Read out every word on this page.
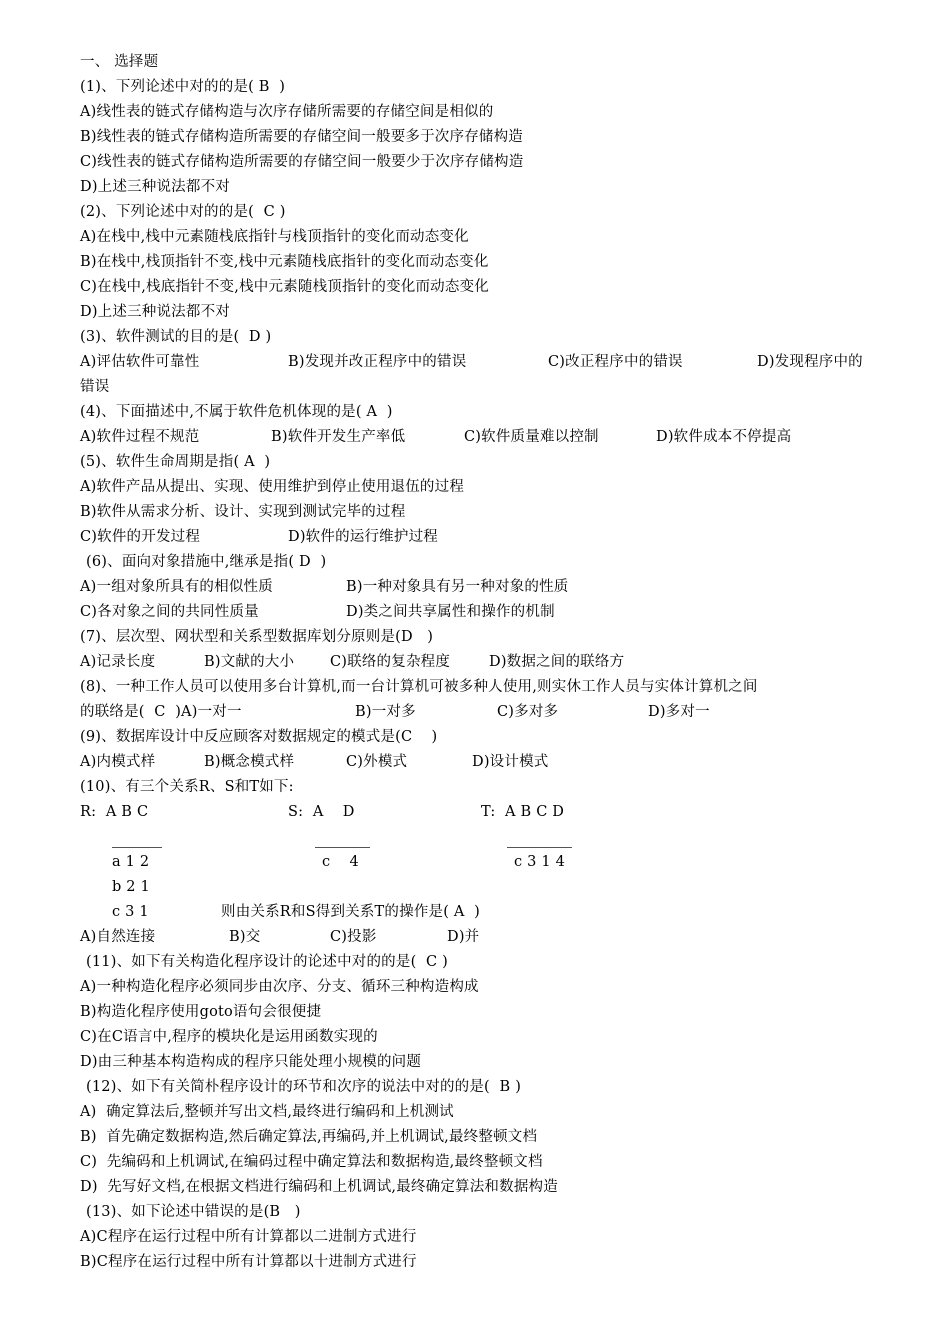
一、 选择题
(1)、下列论述中对的的是( B  )
A)线性表的链式存储构造与次序存储所需要的存储空间是相似的
B)线性表的链式存储构造所需要的存储空间一般要多于次序存储构造
C)线性表的链式存储构造所需要的存储空间一般要少于次序存储构造
D)上述三种说法都不对
(2)、下列论述中对的的是(  C )
A)在栈中,栈中元素随栈底指针与栈顶指针的变化而动态变化
B)在栈中,栈顶指针不变,栈中元素随栈底指针的变化而动态变化
C)在栈中,栈底指针不变,栈中元素随栈顶指针的变化而动态变化
D)上述三种说法都不对
(3)、软件测试的目的是(  D )
A)评估软件可靠性	B)发现并改正程序中的错误	C)改正程序中的错误	D)发现程序中的
错误
(4)、下面描述中,不属于软件危机体现的是( A  )
A)软件过程不规范	B)软件开发生产率低	C)软件质量难以控制	D)软件成本不停提高
(5)、软件生命周期是指( A  )
A)软件产品从提出、实现、使用维护到停止使用退伍的过程
B)软件从需求分析、设计、实现到测试完毕的过程
C)软件的开发过程	D)软件的运行维护过程
(6)、面向对象措施中,继承是指( D  )
A)一组对象所具有的相似性质	B)一种对象具有另一种对象的性质
C)各对象之间的共同性质量	D)类之间共享属性和操作的机制
(7)、层次型、网状型和关系型数据库划分原则是(D   )
A)记录长度	B)文献的大小 C)联络的复杂程度	D)数据之间的联络方
(8)、一种工作人员可以使用多台计算机,而一台计算机可被多种人使用,则实休工作人员与实体计算机之间
的联络是(  C  )A)一对一	B)一对多	C)多对多	D)多对一
(9)、数据库设计中反应顾客对数据规定的模式是(C    )
A)内模式样	B)概念模式样	C)外模式	D)设计模式
(10)、有三个关系R、S和T如下:
R:  A B C	S:  A    D	T:  A B C D
a 1 2	c    4	c 3 1 4
b 2 1
c 3 1	则由关系R和S得到关系T的操作是( A  )
A)自然连接	B)交	C)投影	D)并
(11)、如下有关构造化程序设计的论述中对的的是(  C )
A)一种构造化程序必须同步由次序、分支、循环三种构造构成
B)构造化程序使用goto语句会很便捷
C)在C语言中,程序的模块化是运用函数实现的
D)由三种基本构造构成的程序只能处理小规模的问题
(12)、如下有关简朴程序设计的环节和次序的说法中对的的是(  B )
A)  确定算法后,整顿并写出文档,最终进行编码和上机测试
B)  首先确定数据构造,然后确定算法,再编码,并上机调试,最终整顿文档
C)  先编码和上机调试,在编码过程中确定算法和数据构造,最终整顿文档
D)  先写好文档,在根据文档进行编码和上机调试,最终确定算法和数据构造
(13)、如下论述中错误的是(B   )
A)C程序在运行过程中所有计算都以二进制方式进行
B)C程序在运行过程中所有计算都以十进制方式进行
